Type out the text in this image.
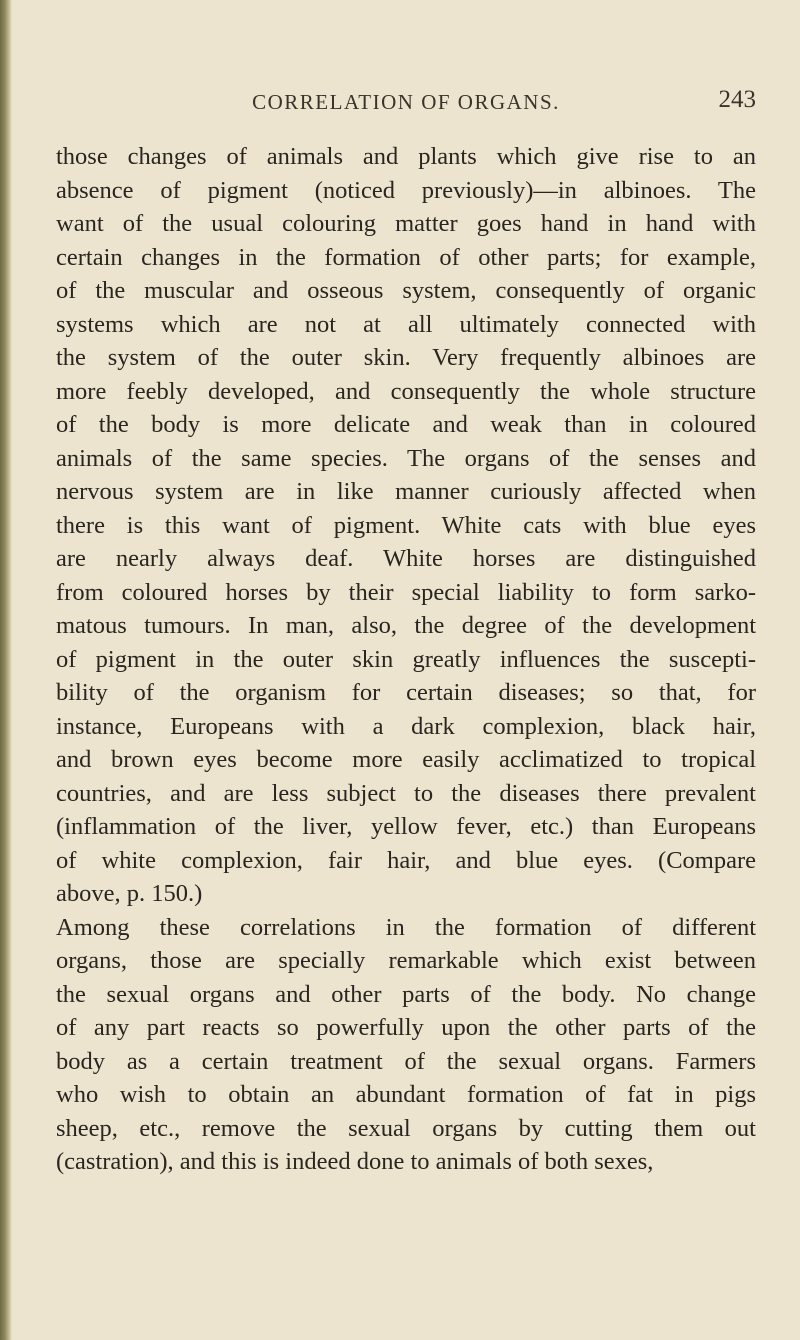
CORRELATION OF ORGANS.	243
those changes of animals and plants which give rise to an
absence of pigment (noticed previously)—in albinoes. The
want of the usual colouring matter goes hand in hand with
certain changes in the formation of other parts; for example,
of the muscular and osseous system, consequently of organic
systems which are not at all ultimately connected with
the system of the outer skin. Very frequently albinoes are
more feebly developed, and consequently the whole structure
of the body is more delicate and weak than in coloured
animals of the same species. The organs of the senses and
nervous system are in like manner curiously affected when
there is this want of pigment. White cats with blue eyes
are nearly always deaf. White horses are distinguished
from coloured horses by their special liability to form sarko-
matous tumours. In man, also, the degree of the development
of pigment in the outer skin greatly influences the suscepti-
bility of the organism for certain diseases; so that, for
instance, Europeans with a dark complexion, black hair,
and brown eyes become more easily acclimatized to tropical
countries, and are less subject to the diseases there prevalent
(inflammation of the liver, yellow fever, etc.) than Europeans
of white complexion, fair hair, and blue eyes. (Compare
above, p. 150.)
Among these correlations in the formation of different
organs, those are specially remarkable which exist between
the sexual organs and other parts of the body. No change
of any part reacts so powerfully upon the other parts of the
body as a certain treatment of the sexual organs. Farmers
who wish to obtain an abundant formation of fat in pigs
sheep, etc., remove the sexual organs by cutting them out
(castration), and this is indeed done to animals of both sexes,
